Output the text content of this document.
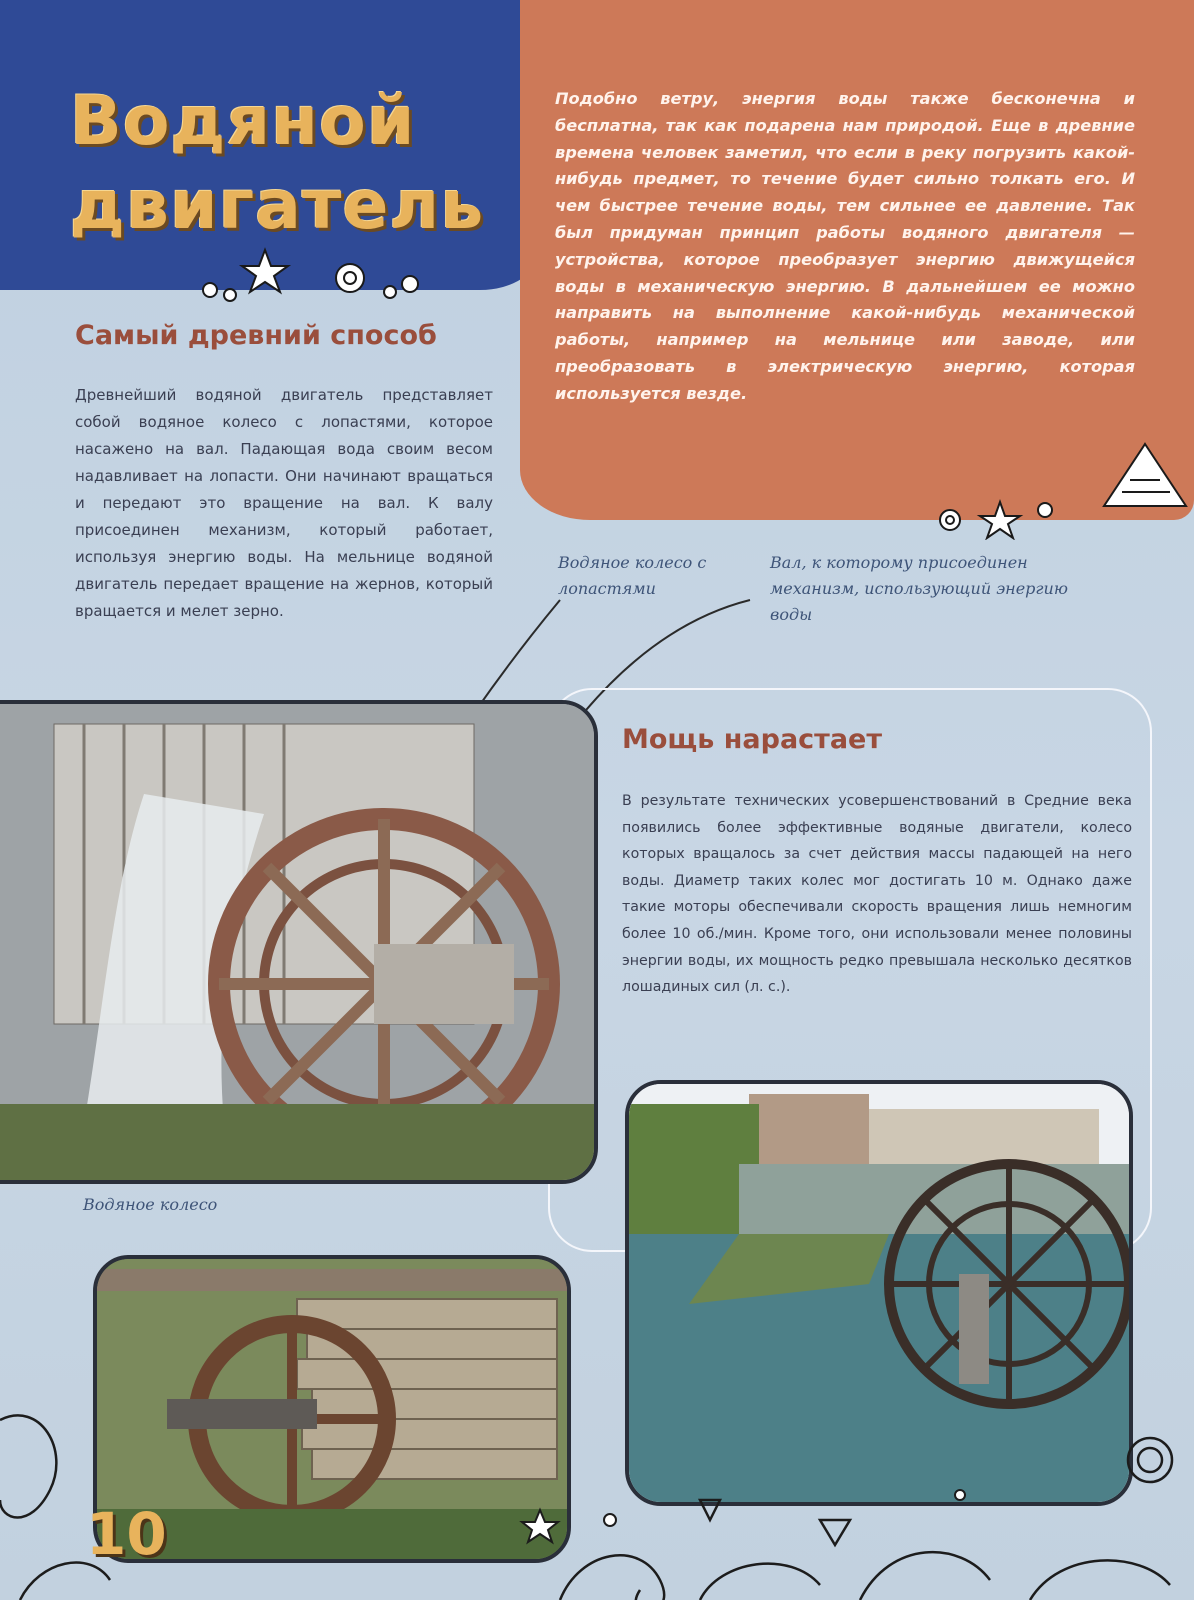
Водяной
двигатель

Подобно ветру, энергия воды также бесконечна и бесплатна, так как подарена нам природой. Еще в древние времена человек заметил, что если в реку погрузить какой-нибудь предмет, то течение будет сильно толкать его. И чем быстрее течение воды, тем сильнее ее давление. Так был придуман принцип работы водяного двигателя — устройства, которое преобразует энергию движущейся воды в механическую энергию. В дальнейшем ее можно направить на выполнение какой-нибудь механической работы, например на мельнице или заводе, или преобразовать в электрическую энергию, которая используется везде.

Самый древний способ

Древнейший водяной двигатель представляет собой водяное колесо с лопастями, которое насажено на вал. Падающая вода своим весом надавливает на лопасти. Они начинают вращаться и передают это вращение на вал. К валу присоединен механизм, который работает, используя энергию воды. На мельнице водяной двигатель передает вращение на жернов, который вращается и мелет зерно.

Водяное колесо с лопастями

Вал, к которому присоединен механизм, использующий энергию воды

Мощь нарастает

В результате технических усовершенствований в Средние века появились более эффективные водяные двигатели, колесо которых вращалось за счет действия массы падающей на него воды. Диаметр таких колес мог достигать 10 м. Однако даже такие моторы обеспечивали скорость вращения лишь немногим более 10 об./мин. Кроме того, они использовали менее половины энергии воды, их мощность редко превышала несколько десятков лошадиных сил (л. с.).

Водяное колесо

10
